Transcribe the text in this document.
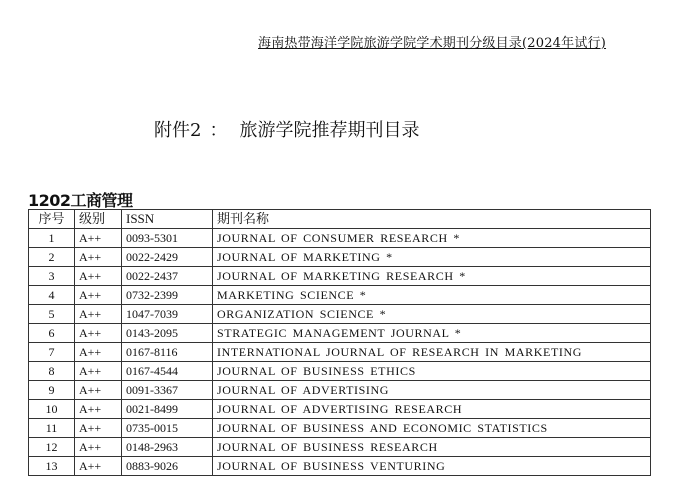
海南热带海洋学院旅游学院学术期刊分级目录(2024年试行)
附件2 ： 旅游学院推荐期刊目录
1202工商管理
序号	级别	ISSN	期刊名称
1	A++	0093-5301	JOURNAL OF CONSUMER RESEARCH *
2	A++	0022-2429	JOURNAL OF MARKETING *
3	A++	0022-2437	JOURNAL OF MARKETING RESEARCH *
4	A++	0732-2399	MARKETING SCIENCE *
5	A++	1047-7039	ORGANIZATION SCIENCE *
6	A++	0143-2095	STRATEGIC MANAGEMENT JOURNAL *
7	A++	0167-8116	INTERNATIONAL JOURNAL OF RESEARCH IN MARKETING
8	A++	0167-4544	JOURNAL OF BUSINESS ETHICS
9	A++	0091-3367	JOURNAL OF ADVERTISING
10	A++	0021-8499	JOURNAL OF ADVERTISING RESEARCH
11	A++	0735-0015	JOURNAL OF BUSINESS AND ECONOMIC STATISTICS
12	A++	0148-2963	JOURNAL OF BUSINESS RESEARCH
13	A++	0883-9026	JOURNAL OF BUSINESS VENTURING
